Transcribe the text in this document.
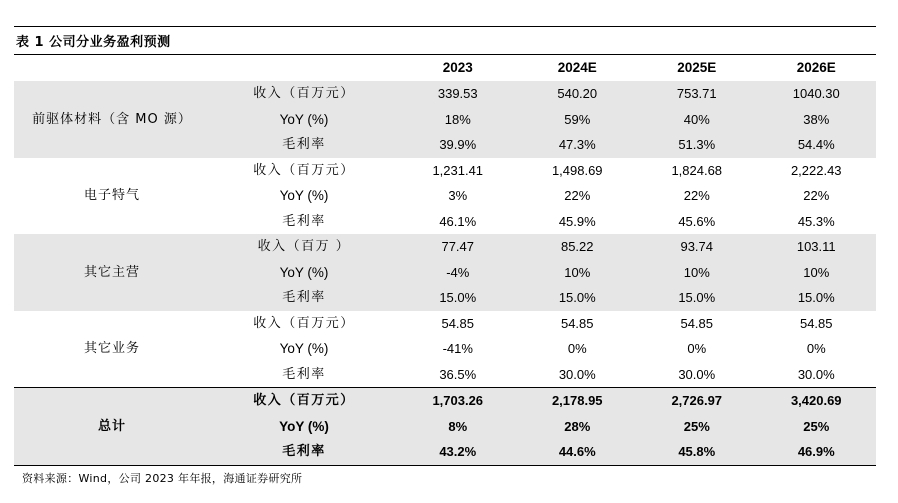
表 1 公司分业务盈利预测
		2023	2024E	2025E	2026E
前驱体材料（含 MO 源）	收入（百万元）	339.53	540.20	753.71	1040.30
	YoY (%)	18%	59%	40%	38%
	毛利率	39.9%	47.3%	51.3%	54.4%
电子特气	收入（百万元）	1,231.41	1,498.69	1,824.68	2,222.43
	YoY (%)	3%	22%	22%	22%
	毛利率	46.1%	45.9%	45.6%	45.3%
其它主营	收入（百万 ）	77.47	85.22	93.74	103.11
	YoY (%)	-4%	10%	10%	10%
	毛利率	15.0%	15.0%	15.0%	15.0%
其它业务	收入（百万元）	54.85	54.85	54.85	54.85
	YoY (%)	-41%	0%	0%	0%
	毛利率	36.5%	30.0%	30.0%	30.0%
总计	收入（百万元）	1,703.26	2,178.95	2,726.97	3,420.69
	YoY (%)	8%	28%	25%	25%
	毛利率	43.2%	44.6%	45.8%	46.9%
资料来源：Wind，公司 2023 年年报，海通证券研究所
